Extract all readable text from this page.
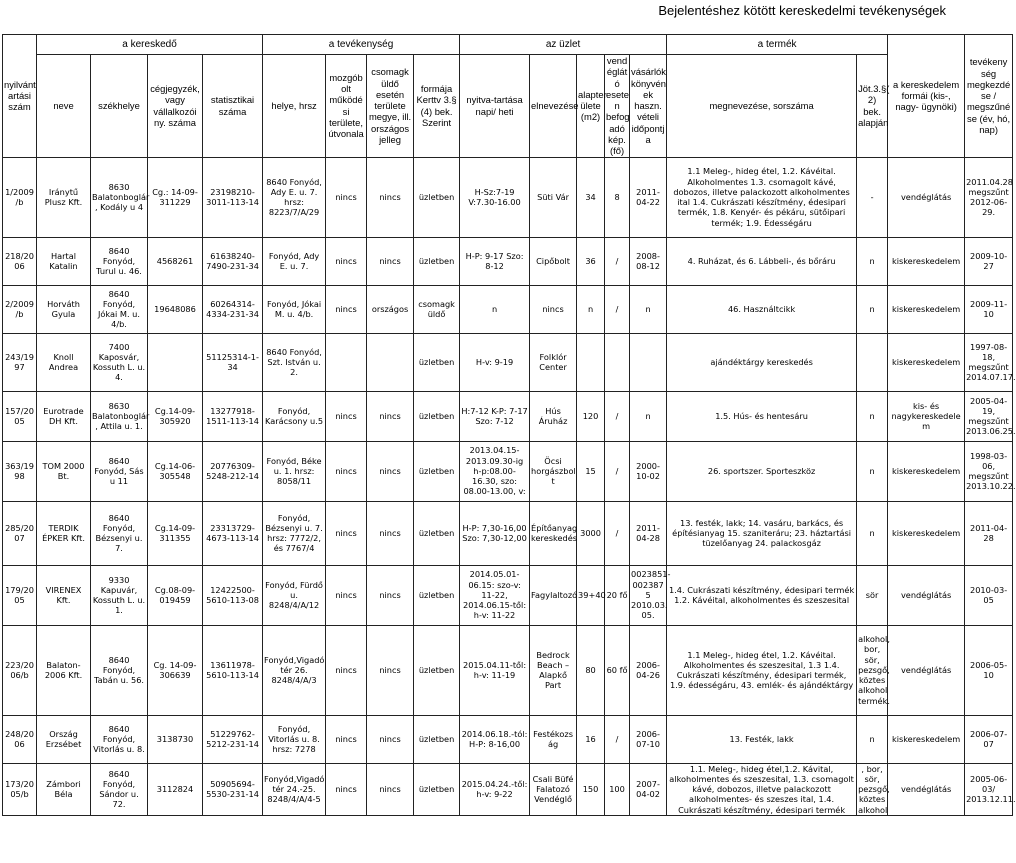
Bejelentéshez kötött kereskedelmi tevékenységek
nyilvánt artási szám	a kereskedő				a tevékenység				az üzlet					a termék		a kereskedelem formái (kis-, nagy- ügynöki)	tevékeny ség megkezdé se / megszűné se (év, hó, nap)
	neve	székhelye	cégjegyzék, vagy vállalkozói ny. száma	statisztikai száma	helye, hrsz	mozgób olt működé si területe, útvonala	csomagk üldő esetén területe megye, ill. országos jelleg	formája Kerttv 3.§ (4) bek. Szerint	nyitva-tartása napi/ heti	elnevezése	alapter ülete (m2)	vend églát ó esete n befog adó kép. (fő)	vásárlók könyvén ek haszn. vételi időpontj a	megnevezése, sorszáma	Jöt.3.§( 2) bek. alapján		
1/2009 /b	Iránytű Plusz Kft.	8630 Balatonboglár , Kodály u 4	Cg.: 14-09-311229	23198210-3011-113-14	8640 Fonyód, Ady E. u. 7. hrsz: 8223/7/A/29	nincs	nincs	üzletben	H-Sz:7-19 V:7.30-16.00	Süti Vár	34	8	2011-04-22	1.1 Meleg-, hideg étel, 1.2. Kávéital. Alkoholmentes 1.3. csomagolt kávé, dobozos, illetve palackozott alkoholmentes ital 1.4. Cukrászati készítmény, édesipari termék, 1.8. Kenyér- és pékáru, sütőipari termék; 1.9. Édességáru	-	vendéglátás	2011.04.28 megszűnt 2012-06-29.
218/20 06	Hartal Katalin	8640 Fonyód, Turul u. 46.	4568261	61638240-7490-231-34	Fonyód, Ady E. u. 7.	nincs	nincs	üzletben	H-P: 9-17 Szo: 8-12	Cipőbolt	36	/	2008-08-12	4. Ruházat, és 6. Lábbeli-, és bőráru	n	kiskereskedelem	2009-10-27
2/2009 /b	Horváth Gyula	8640 Fonyód, Jókai M. u. 4/b.	19648086	60264314-4334-231-34	Fonyód, Jókai M. u. 4/b.	nincs	országos	csomagk üldő	n	nincs	n	/	n	46. Használtcikk	n	kiskereskedelem	2009-11-10
243/19 97	Knoll Andrea	7400 Kaposvár, Kossuth L. u. 4.		51125314-1-34	8640 Fonyód, Szt. István u. 2.			üzletben	H-v: 9-19	Folklór Center				ajándéktárgy kereskedés		kiskereskedelem	1997-08-18, megszűnt 2014.07.17.
157/20 05	Eurotrade DH Kft.	8630 Balatonboglár , Attila u. 1.	Cg.14-09-305920	13277918-1511-113-14	Fonyód, Karácsony u.5	nincs	nincs	üzletben	H:7-12 K-P: 7-17 Szo: 7-12	Hús Áruház	120	/	n	1.5. Hús- és hentesáru	n	kis- és nagykereskedele m	2005-04-19, megszűnt 2013.06.25.
363/19 98	TOM 2000 Bt.	8640 Fonyód, Sás u 11	Cg.14-06-305548	20776309-5248-212-14	Fonyód, Béke u. 1. hrsz: 8058/11	nincs	nincs	üzletben	2013.04.15-2013.09.30-ig h-p:08.00-16.30, szo: 08.00-13.00, v:	Öcsi horgászbol t	15	/	2000-10-02	26. sportszer. Sporteszköz	n	kiskereskedelem	1998-03-06, megszűnt 2013.10.22.
285/20 07	TERDIK ÉPKER Kft.	8640 Fonyód, Bézsenyi u. 7.	Cg.14-09-311355	23313729-4673-113-14	Fonyód, Bézsenyi u. 7. hrsz: 7772/2, és 7767/4	nincs	nincs	üzletben	H-P: 7,30-16,00 Szo: 7,30-12,00	Építőanyag kereskedés	3000	/	2011-04-28	13. festék, lakk; 14. vasáru, barkács, és építésianyag 15. szaniteráru; 23. háztartási tüzelőanyag 24. palackosgáz	n	kiskereskedelem	2011-04-28
179/20 05	VIRENEX Kft.	9330 Kapuvár, Kossuth L. u. 1.	Cg.08-09-019459	12422500-5610-113-08	Fonyód, Fürdő u. 8248/4/A/12	nincs	nincs	üzletben	2014.05.01-06.15: szo-v: 11-22, 2014.06.15-től: h-v: 11-22	Fagylaltozó	39+40	20 fő	0023851-002387 5 2010.03. 05.	1.4. Cukrászati készítmény, édesipari termék 1.2. Kávéital, alkoholmentes és szeszesital	sör	vendéglátás	2010-03-05
223/20 06/b	Balaton-2006 Kft.	8640 Fonyód, Tabán u. 56.	Cg. 14-09-306639	13611978-5610-113-14	Fonyód,Vigadó tér 26. 8248/4/A/3	nincs	nincs	üzletben	2015.04.11-től: h-v: 11-19	Bedrock Beach – Alapkő Part	80	60 fő	2006-04-26	1.1 Meleg-, hideg étel, 1.2. Kávéital. Alkoholmentes és szeszesital, 1.3 1.4. Cukrászati készítmény, édesipari termék, 1.9. édességáru, 43. emlék- és ajándéktárgy	alkohol, bor, sör, pezsgő, köztes alkohol termék.	vendéglátás	2006-05-10
248/20 06	Ország Erzsébet	8640 Fonyód, Vitorlás u. 8.	3138730	51229762-5212-231-14	Fonyód, Vitorlás u. 8. hrsz: 7278	nincs	nincs	üzletben	2014.06.18.-tól: H-P: 8-16,00	Festékozs ág	16	/	2006-07-10	13. Festék, lakk	n	kiskereskedelem	2006-07-07
173/20 05/b	Zámbori Béla	8640 Fonyód, Sándor u. 72.	3112824	50905694-5530-231-14	Fonyód,Vigadó tér 24.-25. 8248/4/A/4-5	nincs	nincs	üzletben	2015.04.24.-től: h-v: 9-22	Csali Büfé Falatozó Vendéglő	150	100	2007-04-02	1.1. Meleg-, hideg étel,1.2. Kávital, alkoholmentes és szeszesital, 1.3. csomagolt kávé, dobozos, illetve palackozott alkoholmentes- és szeszes ital, 1.4. Cukrászati készítmény, édesipari termék	, bor, sör, pezsgő, köztes alkohol	vendéglátás	2005-06-03/ 2013.12.11.
